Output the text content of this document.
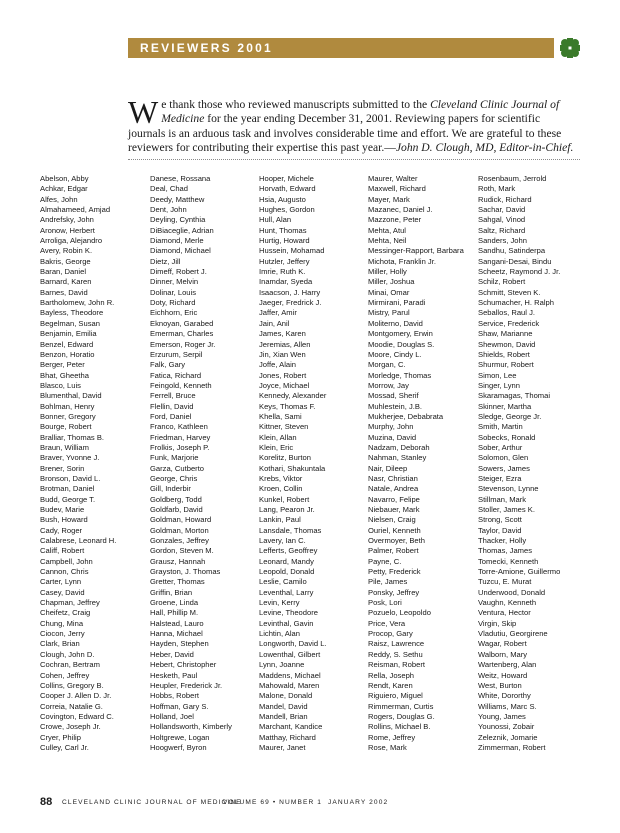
REVIEWERS 2001
We thank those who reviewed manuscripts submitted to the Cleveland Clinic Journal of Medicine for the year ending December 31, 2001. Reviewing papers for scientific journals is an arduous task and involves considerable time and effort. We are grateful to these reviewers for contributing their expertise this past year.—John D. Clough, MD, Editor-in-Chief.
Abelson, Abby
Achkar, Edgar
Alfes, John
Almahameed, Amjad
Andrefsky, John
Aronow, Herbert
Arroliga, Alejandro
Avery, Robin K.
Bakris, George
Baran, Daniel
Barnard, Karen
Barnes, David
Bartholomew, John R.
Bayless, Theodore
Begelman, Susan
Benjamin, Emilia
Benzel, Edward
Benzon, Horatio
Berger, Peter
Bhat, Gheetha
Blasco, Luis
Blumenthal, David
Bohlman, Henry
Bonner, Gregory
Bourge, Robert
Bralliar, Thomas B.
Braun, William
Braver, Yvonne J.
Brener, Sorin
Bronson, David L.
Brotman, Daniel
Budd, George T.
Budev, Marie
Bush, Howard
Cady, Roger
Calabrese, Leonard H.
Califf, Robert
Campbell, John
Cannon, Chris
Carter, Lynn
Casey, David
Chapman, Jeffrey
Cheifetz, Craig
Chung, Mina
Ciocon, Jerry
Clark, Brian
Clough, John D.
Cochran, Bertram
Cohen, Jeffrey
Collins, Gregory B.
Cooper J. Allen D. Jr.
Correia, Natalie G.
Covington, Edward C.
Crowe, Joseph Jr.
Cryer, Philip
Culley, Carl Jr.
Danese, Rossana
Deal, Chad
Deedy, Matthew
Dent, John
Deyling, Cynthia
DiBiaceglie, Adrian
Diamond, Merle
Diamond, Michael
Dietz, Jill
Dimeff, Robert J.
Dinner, Melvin
Dolinar, Louis
Doty, Richard
Eichhorn, Eric
Eknoyan, Garabed
Emerman, Charles
Emerson, Roger Jr.
Erzurum, Serpil
Falk, Gary
Fatica, Richard
Feingold, Kenneth
Ferrell, Bruce
Flellin, David
Ford, Daniel
Franco, Kathleen
Friedman, Harvey
Frolkis, Joseph P.
Funk, Marjorie
Garza, Cutberto
George, Chris
Gill, Inderbir
Goldberg, Todd
Goldfarb, David
Goldman, Howard
Goldman, Morton
Gonzales, Jeffrey
Gordon, Steven M.
Grausz, Hannah
Grayston, J. Thomas
Gretter, Thomas
Griffin, Brian
Groene, Linda
Hall, Phillip M.
Halstead, Lauro
Hanna, Michael
Hayden, Stephen
Heber, David
Hebert, Christopher
Hesketh, Paul
Heupler, Frederick Jr.
Hobbs, Robert
Hoffman, Gary S.
Holland, Joel
Hollandsworth, Kimberly
Holtgrewe, Logan
Hoogwerf, Byron
Hooper, Michele
Horvath, Edward
Hsia, Augusto
Hughes, Gordon
Hull, Alan
Hunt, Thomas
Hurtig, Howard
Hussein, Mohamad
Hutzler, Jeffery
Imrie, Ruth K.
Inamdar, Syeda
Isaacson, J. Harry
Jaeger, Fredrick J.
Jaffer, Amir
Jain, Anil
James, Karen
Jeremias, Allen
Jin, Xian Wen
Joffe, Alain
Jones, Robert
Joyce, Michael
Kennedy, Alexander
Keys, Thomas F.
Khella, Sami
Kittner, Steven
Klein, Allan
Klein, Eric
Korelitz, Burton
Kothari, Shakuntala
Krebs, Viktor
Kroen, Collin
Kunkel, Robert
Lang, Pearon Jr.
Lankin, Paul
Lansdale, Thomas
Lavery, Ian C.
Lefferts, Geoffrey
Leonard, Mandy
Leopold, Donald
Leslie, Camilo
Leventhal, Larry
Levin, Kerry
Levine, Theodore
Levinthal, Gavin
Lichtin, Alan
Longworth, David L.
Lowenthal, Gilbert
Lynn, Joanne
Maddens, Michael
Mahowald, Maren
Malone, Donald
Mandel, David
Mandell, Brian
Marchant, Kandice
Matthay, Richard
Maurer, Janet
Maurer, Walter
Maxwell, Richard
Mayer, Mark
Mazanec, Daniel J.
Mazzone, Peter
Mehta, Atul
Mehta, Neil
Messinger-Rapport, Barbara
Michota, Franklin Jr.
Miller, Holly
Miller, Joshua
Minai, Omar
Mirmirani, Paradi
Mistry, Parul
Moliterno, David
Montgomery, Erwin
Moodie, Douglas S.
Moore, Cindy L.
Morgan, C.
Morledge, Thomas
Morrow, Jay
Mossad, Sherif
Muhlestein, J.B.
Mukherjee, Debabrata
Murphy, John
Muzina, David
Nadzam, Deborah
Nahman, Stanley
Nair, Dileep
Nasr, Christian
Natale, Andrea
Navarro, Felipe
Niebauer, Mark
Nielsen, Craig
Ouriel, Kenneth
Overmoyer, Beth
Palmer, Robert
Payne, C.
Petty, Frederick
Pile, James
Ponsky, Jeffrey
Posk, Lori
Pozuelo, Leopoldo
Price, Vera
Procop, Gary
Raisz, Lawrence
Reddy, S. Sethu
Reisman, Robert
Rella, Joseph
Rendt, Karen
Riguiero, Miguel
Rimmerman, Curtis
Rogers, Douglas G.
Rollins, Michael B.
Rome, Jeffrey
Rose, Mark
Rosenbaum, Jerrold
Roth, Mark
Rudick, Richard
Sachar, David
Sahgal, Vinod
Saltz, Richard
Sanders, John
Sandhu, Satinderpa
Sangani-Desai, Bindu
Scheetz, Raymond J. Jr.
Schilz, Robert
Schmitt, Steven K.
Schumacher, H. Ralph
Seballos, Raul J.
Service, Frederick
Shaw, Marianne
Shewmon, David
Shields, Robert
Shurmur, Robert
Simon, Lee
Singer, Lynn
Skaramagas, Thomai
Skinner, Martha
Sledge, George Jr.
Smith, Martin
Sobecks, Ronald
Sober, Arthur
Solomon, Glen
Sowers, James
Steiger, Ezra
Stevenson, Lynne
Stillman, Mark
Stoller, James K.
Strong, Scott
Taylor, David
Thacker, Holly
Thomas, James
Tomecki, Kenneth
Torre-Amione, Guillermo
Tuzcu, E. Murat
Underwood, Donald
Vaughn, Kenneth
Ventura, Hector
Virgin, Skip
Vladutiu, Georgirene
Wagar, Robert
Walborn, Mary
Wartenberg, Alan
Weitz, Howard
West, Burton
White, Dororthy
Williams, Marc S.
Young, James
Younossi, Zobair
Zeleznik, Jomarie
Zimmerman, Robert
88 CLEVELAND CLINIC JOURNAL OF MEDICINE
VOLUME 69 • NUMBER 1 JANUARY 2002
